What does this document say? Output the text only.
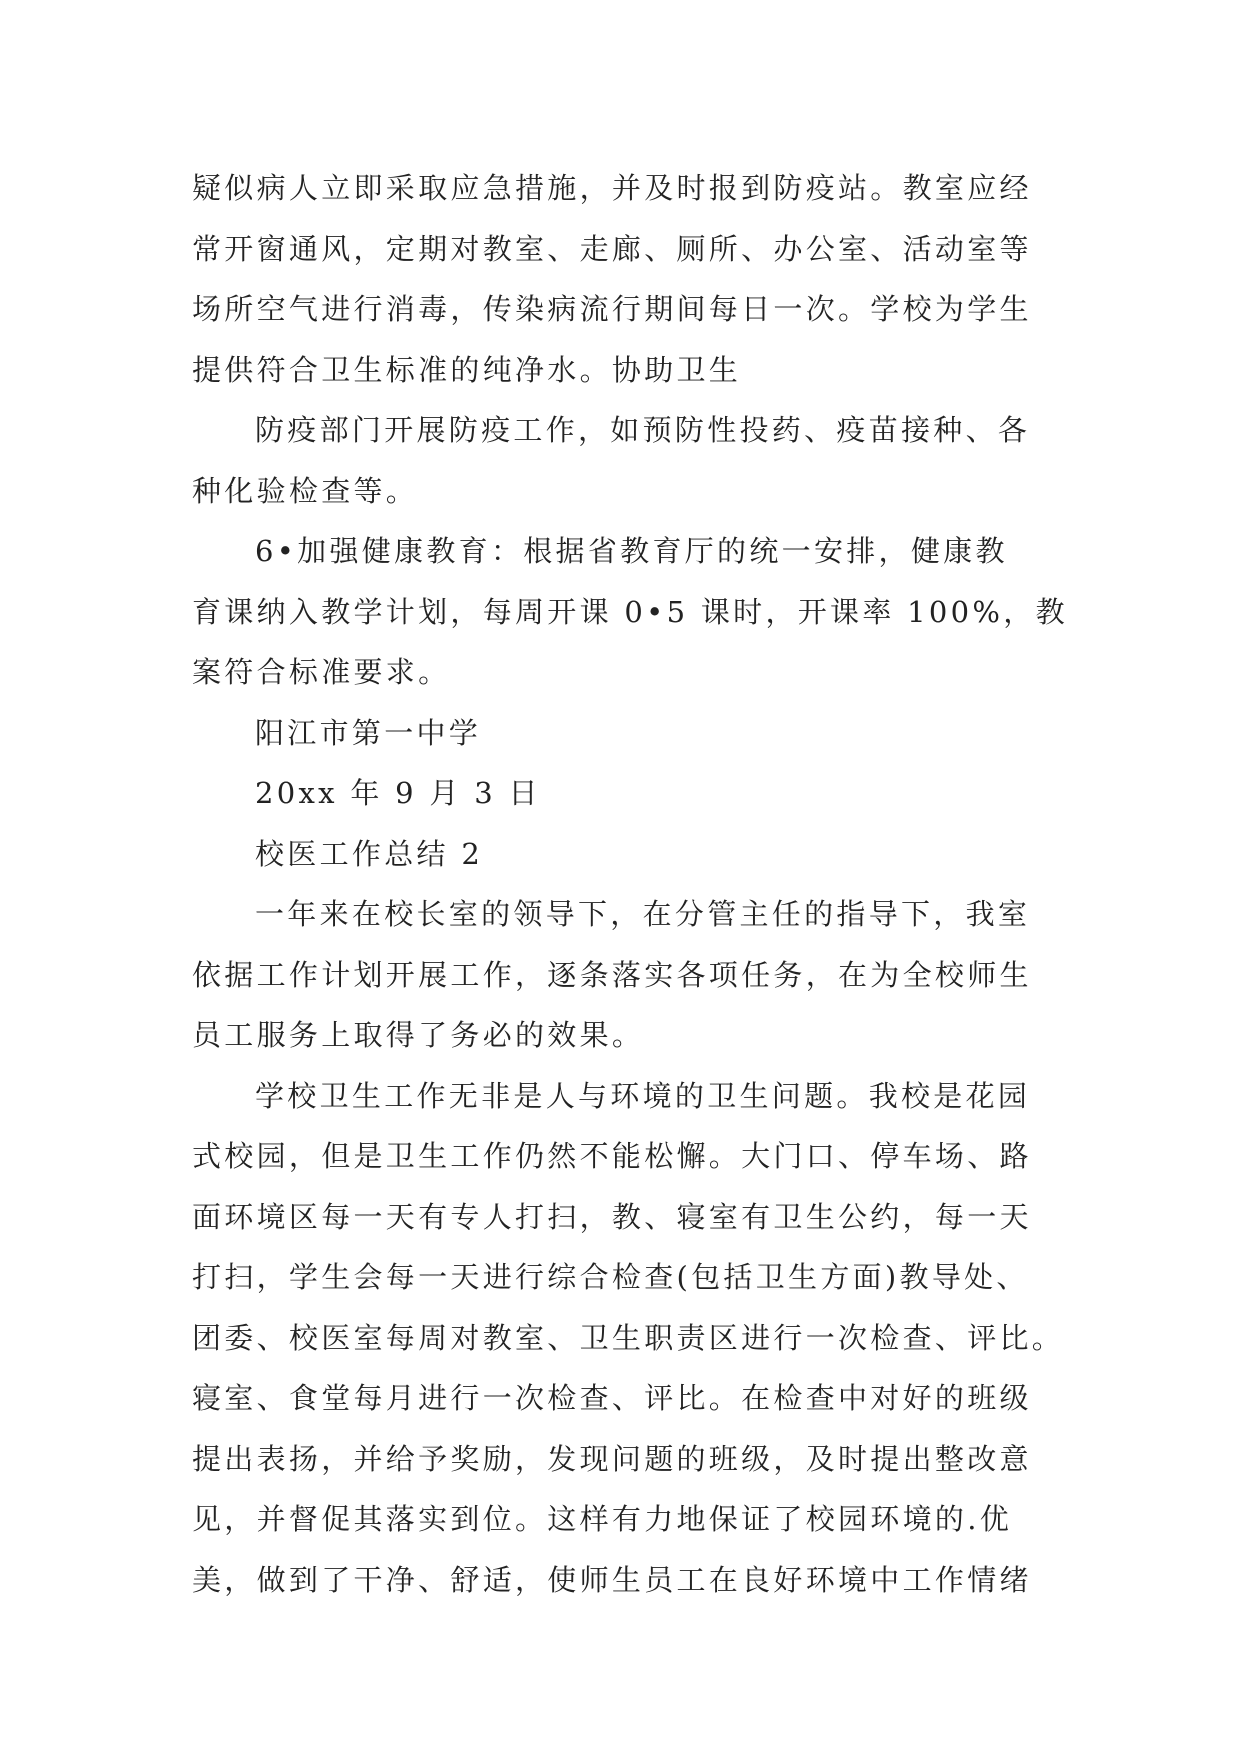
疑似病人立即采取应急措施，并及时报到防疫站。教室应经
常开窗通风，定期对教室、走廊、厕所、办公室、活动室等
场所空气进行消毒，传染病流行期间每日一次。学校为学生
提供符合卫生标准的纯净水。协助卫生
防疫部门开展防疫工作，如预防性投药、疫苗接种、各
种化验检查等。
6•加强健康教育：根据省教育厅的统一安排，健康教
育课纳入教学计划，每周开课 0•5 课时，开课率 100%，教
案符合标准要求。
阳江市第一中学
20xx 年 9 月 3 日
校医工作总结 2
一年来在校长室的领导下，在分管主任的指导下，我室
依据工作计划开展工作，逐条落实各项任务，在为全校师生
员工服务上取得了务必的效果。
学校卫生工作无非是人与环境的卫生问题。我校是花园
式校园，但是卫生工作仍然不能松懈。大门口、停车场、路
面环境区每一天有专人打扫，教、寝室有卫生公约，每一天
打扫，学生会每一天进行综合检查(包括卫生方面)教导处、
团委、校医室每周对教室、卫生职责区进行一次检查、评比。
寝室、食堂每月进行一次检查、评比。在检查中对好的班级
提出表扬，并给予奖励，发现问题的班级，及时提出整改意
见，并督促其落实到位。这样有力地保证了校园环境的.优
美，做到了干净、舒适，使师生员工在良好环境中工作情绪
